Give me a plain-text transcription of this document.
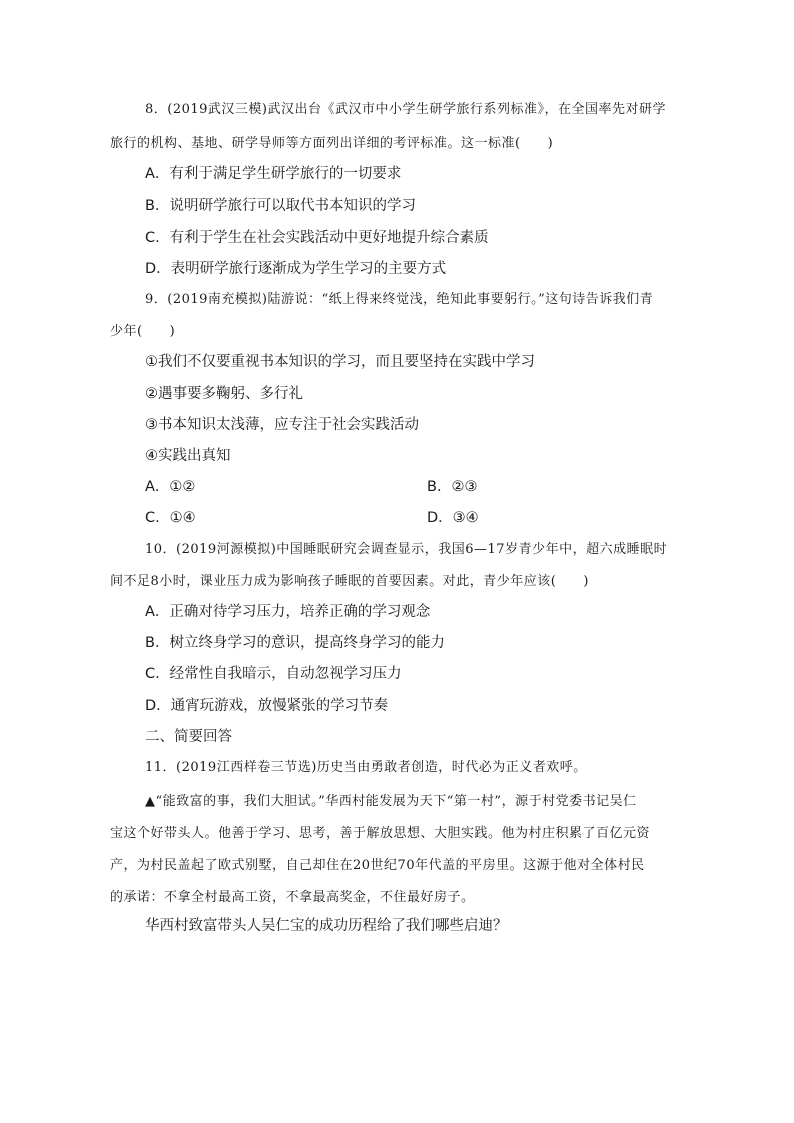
8．(2019武汉三模)武汉出台《武汉市中小学生研学旅行系列标准》，在全国率先对研学
旅行的机构、基地、研学导师等方面列出详细的考评标准。这一标准(　　)
A．有利于满足学生研学旅行的一切要求
B．说明研学旅行可以取代书本知识的学习
C．有利于学生在社会实践活动中更好地提升综合素质
D．表明研学旅行逐渐成为学生学习的主要方式
9．(2019南充模拟)陆游说：“纸上得来终觉浅，绝知此事要躬行。”这句诗告诉我们青
少年(　　)
①我们不仅要重视书本知识的学习，而且要坚持在实践中学习
②遇事要多鞠躬、多行礼
③书本知识太浅薄，应专注于社会实践活动
④实践出真知
A．①②	B．②③
C．①④	D．③④
10．(2019河源模拟)中国睡眠研究会调查显示，我国6—17岁青少年中，超六成睡眠时
间不足8小时，课业压力成为影响孩子睡眠的首要因素。对此，青少年应该(　　)
A．正确对待学习压力，培养正确的学习观念
B．树立终身学习的意识，提高终身学习的能力
C．经常性自我暗示，自动忽视学习压力
D．通宵玩游戏，放慢紧张的学习节奏
二、简要回答
11．(2019江西样卷三节选)历史当由勇敢者创造，时代必为正义者欢呼。
▲“能致富的事，我们大胆试。”华西村能发展为天下“第一村”，源于村党委书记吴仁
宝这个好带头人。他善于学习、思考，善于解放思想、大胆实践。他为村庄积累了百亿元资
产，为村民盖起了欧式别墅，自己却住在20世纪70年代盖的平房里。这源于他对全体村民
的承诺：不拿全村最高工资，不拿最高奖金，不住最好房子。
华西村致富带头人吴仁宝的成功历程给了我们哪些启迪？
